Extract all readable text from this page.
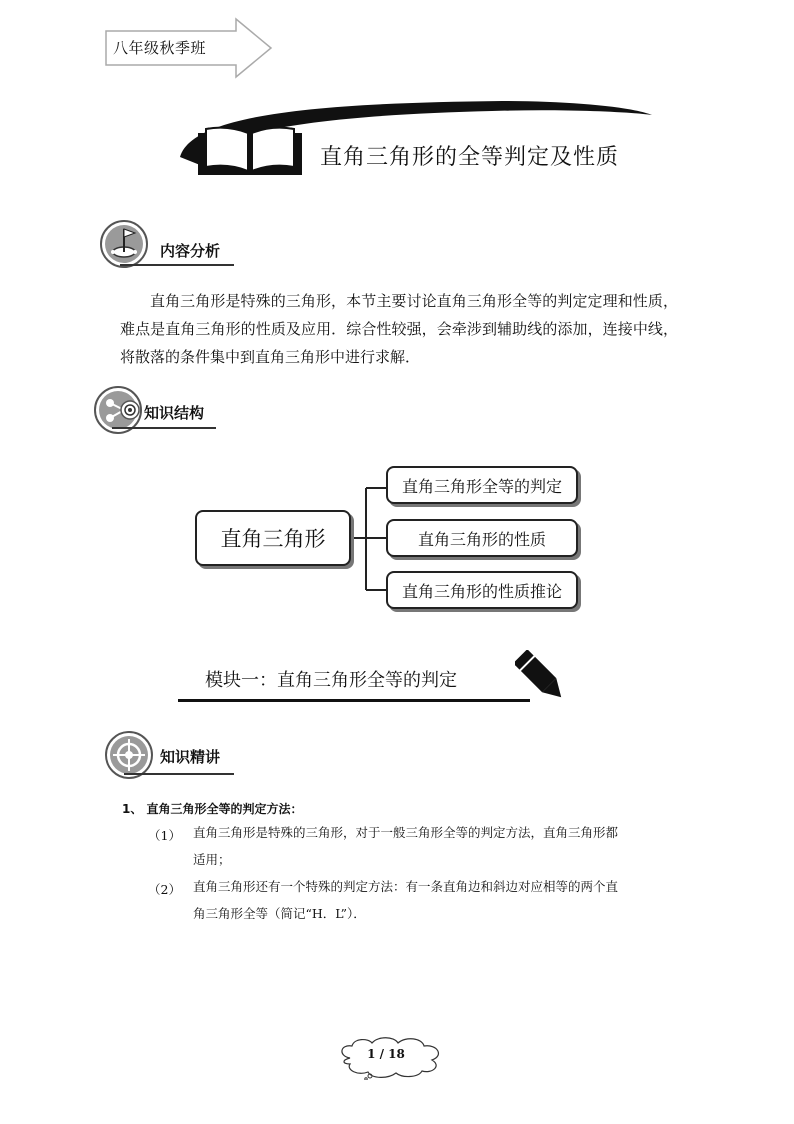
八年级秋季班
直角三角形的全等判定及性质
内容分析
直角三角形是特殊的三角形，本节主要讨论直角三角形全等的判定定理和性质，难点是直角三角形的性质及应用．综合性较强，会牵涉到辅助线的添加，连接中线，将散落的条件集中到直角三角形中进行求解．
知识结构
直角三角形
直角三角形全等的判定
直角三角形的性质
直角三角形的性质推论
模块一：直角三角形全等的判定
知识精讲
1、 直角三角形全等的判定方法：
（1） 直角三角形是特殊的三角形，对于一般三角形全等的判定方法，直角三角形都
适用；
（2） 直角三角形还有一个特殊的判定方法：有一条直角边和斜边对应相等的两个直
角三角形全等（简记“H．L”）．
1 / 18
